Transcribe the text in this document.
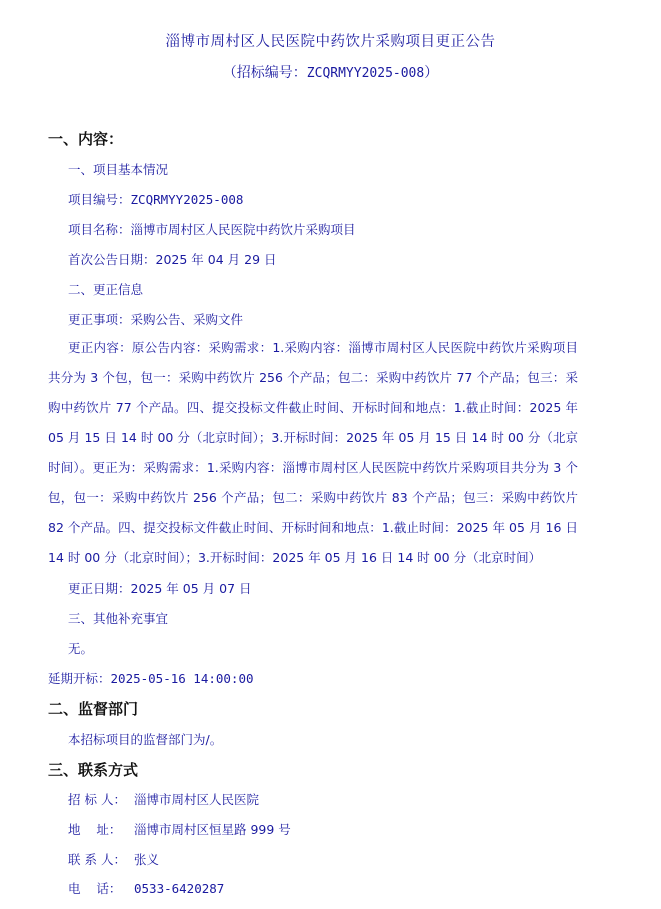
淄博市周村区人民医院中药饮片采购项目更正公告
（招标编号：ZCQRMYY2025-008）
一、内容：
一、项目基本情况
项目编号：ZCQRMYY2025-008
项目名称：淄博市周村区人民医院中药饮片采购项目
首次公告日期：2025 年 04 月 29 日
二、更正信息
更正事项：采购公告、采购文件
更正内容：原公告内容：采购需求：1.采购内容：淄博市周村区人民医院中药饮片采购项目共分为 3 个包，包一：采购中药饮片 256 个产品；包二：采购中药饮片 77 个产品；包三：采购中药饮片 77 个产品。四、提交投标文件截止时间、开标时间和地点：1.截止时间：2025 年 05 月 15 日 14 时 00 分（北京时间）；3.开标时间：2025 年 05 月 15 日 14 时 00 分（北京时间）。更正为：采购需求：1.采购内容：淄博市周村区人民医院中药饮片采购项目共分为 3 个包，包一：采购中药饮片 256 个产品；包二：采购中药饮片 83 个产品；包三：采购中药饮片 82 个产品。四、提交投标文件截止时间、开标时间和地点：1.截止时间：2025 年 05 月 16 日 14 时 00 分（北京时间）；3.开标时间：2025 年 05 月 16 日 14 时 00 分（北京时间）
更正日期：2025 年 05 月 07 日
三、其他补充事宜
无。
延期开标：2025-05-16 14:00:00
二、监督部门
本招标项目的监督部门为/。
三、联系方式
招 标 人： 淄博市周村区人民医院
地    址： 淄博市周村区恒星路 999 号
联 系 人： 张义
电    话： 0533-6420287
